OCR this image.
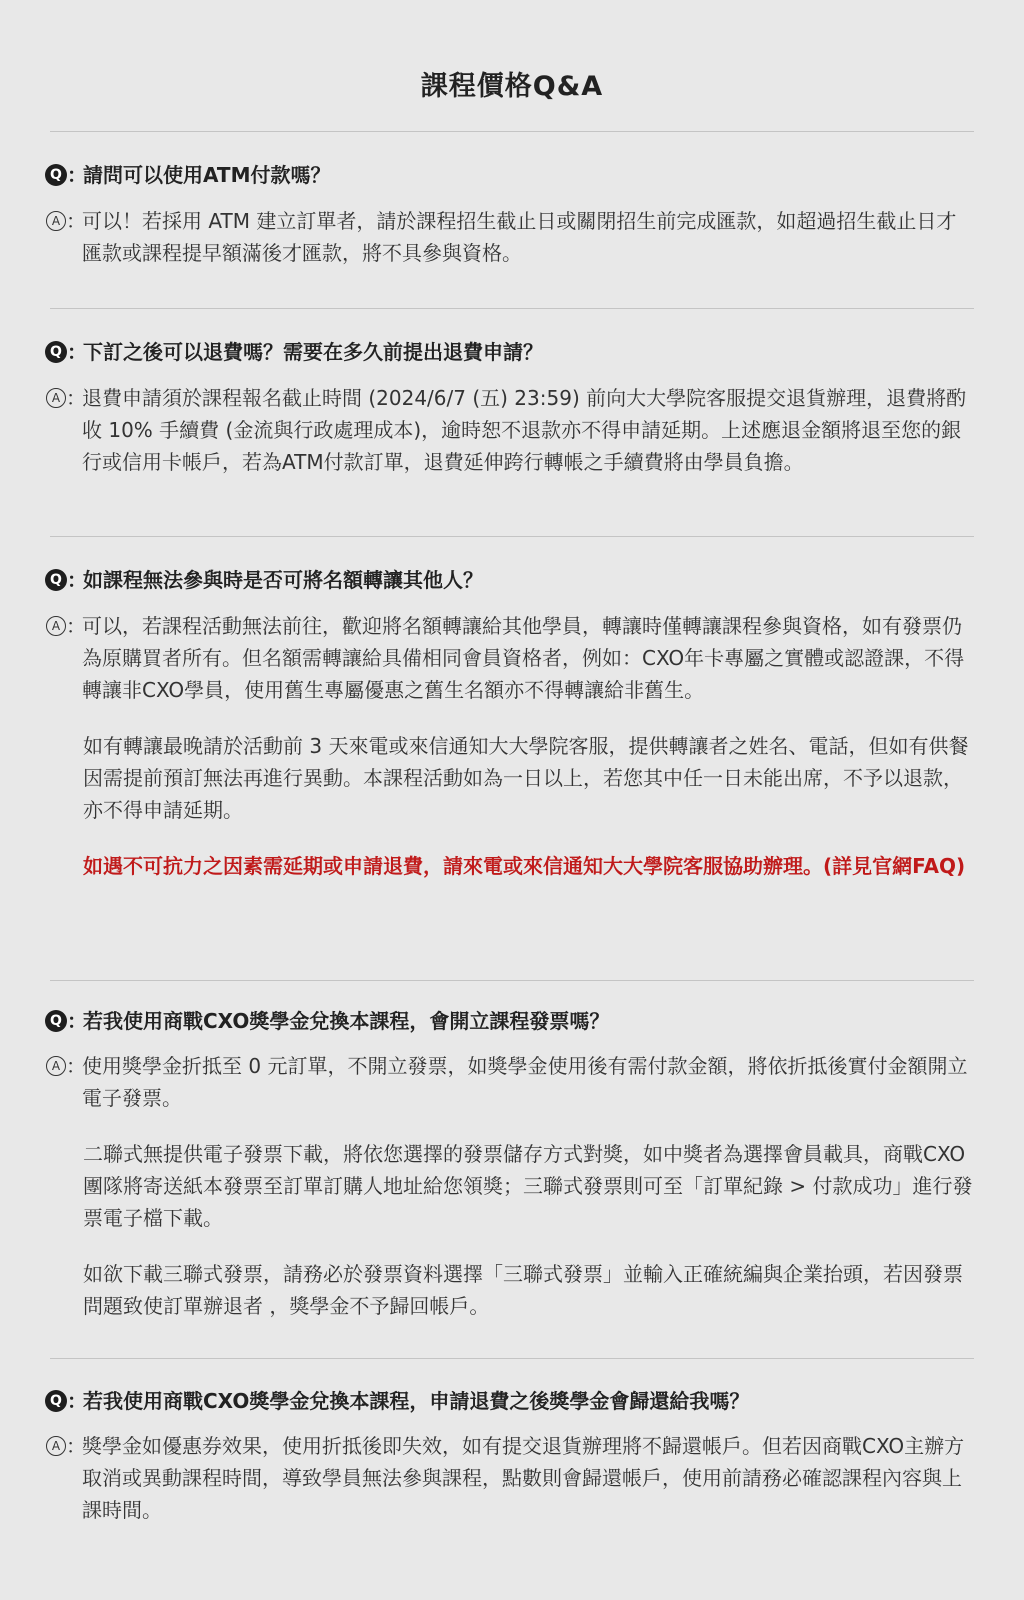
課程價格Q&A
Q ：
請問可以使用ATM付款嗎？
A ：
可以！若採用 ATM 建立訂單者，請於課程招生截止日或關閉招生前完成匯款，如超過招生截止日才匯款或課程提早額滿後才匯款，將不具參與資格。
Q ：
下訂之後可以退費嗎？需要在多久前提出退費申請？
A ：
退費申請須於課程報名截止時間 (2024/6/7 (五) 23:59) 前向大大學院客服提交退貨辦理，退費將酌收 10% 手續費 (金流與行政處理成本)，逾時恕不退款亦不得申請延期。上述應退金額將退至您的銀行或信用卡帳戶，若為ATM付款訂單，退費延伸跨行轉帳之手續費將由學員負擔。
Q ：
如課程無法參與時是否可將名額轉讓其他人？
A ：
可以，若課程活動無法前往，歡迎將名額轉讓給其他學員，轉讓時僅轉讓課程參與資格，如有發票仍為原購買者所有。但名額需轉讓給具備相同會員資格者，例如：CXO年卡專屬之實體或認證課，不得轉讓非CXO學員，使用舊生專屬優惠之舊生名額亦不得轉讓給非舊生。
如有轉讓最晚請於活動前 3 天來電或來信通知大大學院客服，提供轉讓者之姓名、電話，但如有供餐因需提前預訂無法再進行異動。本課程活動如為一日以上，若您其中任一日未能出席，不予以退款，亦不得申請延期。
如遇不可抗力之因素需延期或申請退費，請來電或來信通知大大學院客服協助辦理。(詳見官網FAQ)
Q ：
若我使用商戰CXO獎學金兌換本課程，會開立課程發票嗎？
A ：
使用獎學金折抵至 0 元訂單，不開立發票，如獎學金使用後有需付款金額，將依折抵後實付金額開立電子發票。
二聯式無提供電子發票下載，將依您選擇的發票儲存方式對獎，如中獎者為選擇會員載具，商戰CXO團隊將寄送紙本發票至訂單訂購人地址給您領獎；三聯式發票則可至「訂單紀錄 > 付款成功」進行發票電子檔下載。
如欲下載三聯式發票，請務必於發票資料選擇「三聯式發票」並輸入正確統編與企業抬頭，若因發票問題致使訂單辦退者 ，獎學金不予歸回帳戶。
Q ：
若我使用商戰CXO獎學金兌換本課程，申請退費之後獎學金會歸還給我嗎？
A ：
獎學金如優惠券效果，使用折抵後即失效，如有提交退貨辦理將不歸還帳戶。但若因商戰CXO主辦方取消或異動課程時間，導致學員無法參與課程，點數則會歸還帳戶，使用前請務必確認課程內容與上課時間。
